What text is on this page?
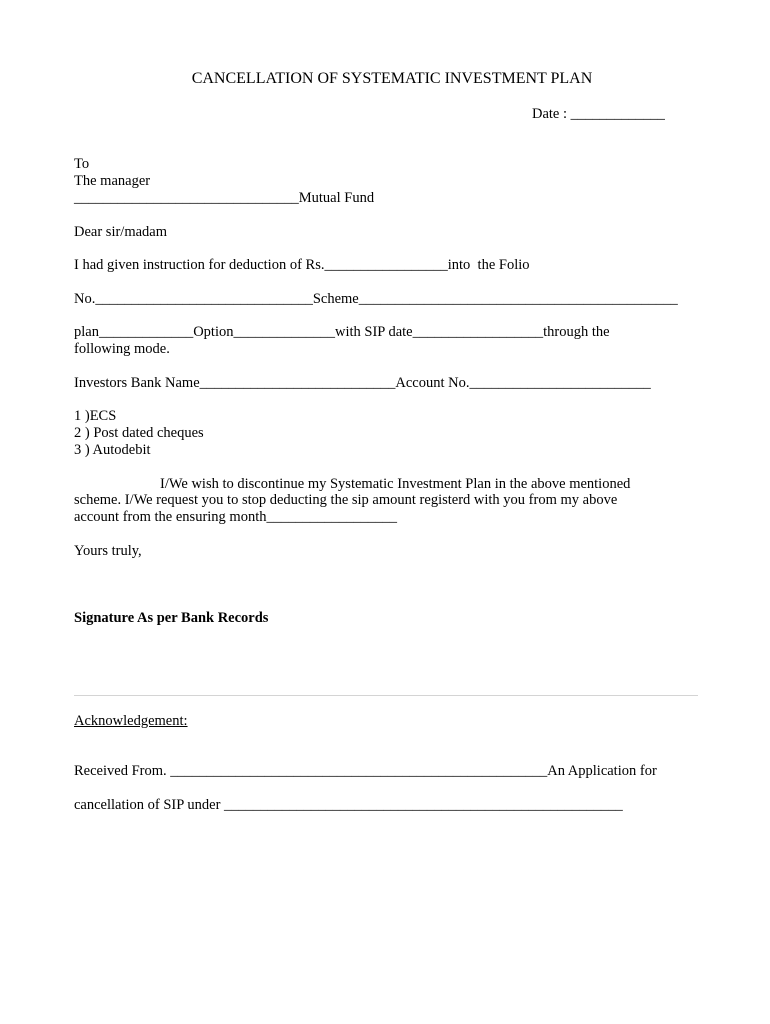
CANCELLATION OF SYSTEMATIC INVESTMENT PLAN
Date : _____________
To
The manager
_______________________________Mutual Fund
Dear sir/madam
I had given instruction for deduction of Rs._________________into  the Folio
No.______________________________Scheme____________________________________________
plan_____________Option______________with SIP date__________________through the
following mode.
Investors Bank Name___________________________Account No._________________________
1 )ECS
2 ) Post dated cheques
3 ) Autodebit
I/We wish to discontinue my Systematic Investment Plan in the above mentioned
scheme. I/We request you to stop deducting the sip amount registerd with you from my above
account from the ensuring month__________________
Yours truly,
Signature As per Bank Records
Acknowledgement:
Received From. ____________________________________________________An Application for
cancellation of SIP under _______________________________________________________
